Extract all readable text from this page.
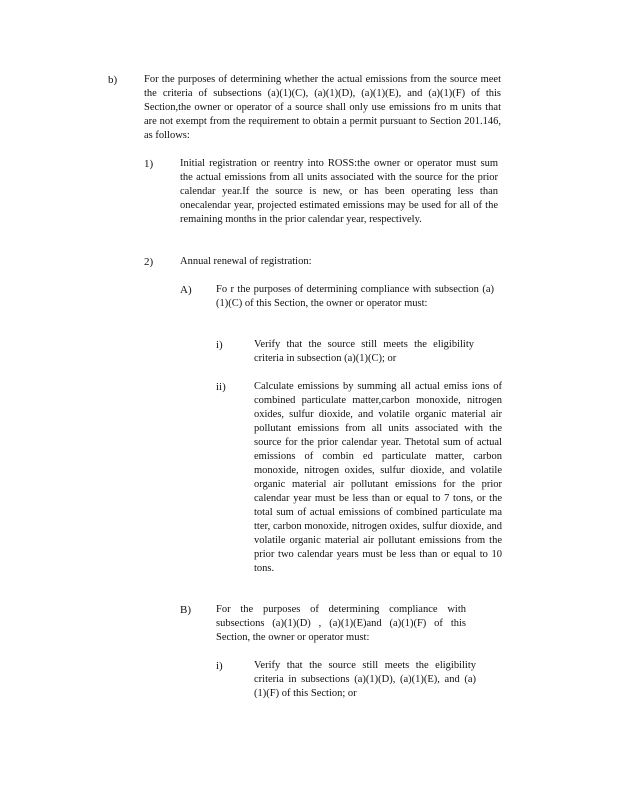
b)	For the purposes of determining whether the actual emissions from the source meet the criteria of subsections (a)(1)(C), (a)(1)(D), (a)(1)(E), and (a)(1)(F) of this Section,the owner or operator of a source shall only use emissions fro m units that are not exempt from the requirement to obtain a permit pursuant to Section 201.146, as follows:

1)	Initial registration or reentry into ROSS:the owner or operator must sum the actual emissions from all units associated with the source for the prior calendar year.If the source is new, or has been operating less than onecalendar year, projected estimated emissions may be used for all of the remaining months in the prior calendar year, respectively.

2)	Annual renewal of registration:

A) Fo r the purposes of determining compliance with subsection (a)(1)(C) of this Section, the owner or operator must:

i)	Verify that the source still meets the eligibility criteria in subsection (a)(1)(C); or

ii)	Calculate emissions by summing all actual emiss ions of combined particulate matter,carbon monoxide, nitrogen oxides, sulfur dioxide, and volatile organic material air pollutant emissions from all units associated with the source for the prior calendar year. Thetotal sum of actual emissions of combin ed particulate matter, carbon monoxide, nitrogen oxides, sulfur dioxide, and volatile organic material air pollutant emissions for the prior calendar year must be less than or equal to 7 tons, or the total sum of actual emissions of combined particulate ma tter, carbon monoxide, nitrogen oxides, sulfur dioxide, and volatile organic material air pollutant emissions from the prior two calendar years must be less than or equal to 10 tons.

B) For the purposes of determining compliance with subsections (a)(1)(D) , (a)(1)(E)and (a)(1)(F) of this Section, the owner or operator must:

i)	Verify that the source still meets the eligibility criteria in subsections (a)(1)(D), (a)(1)(E), and (a)(1)(F) of this Section; or
